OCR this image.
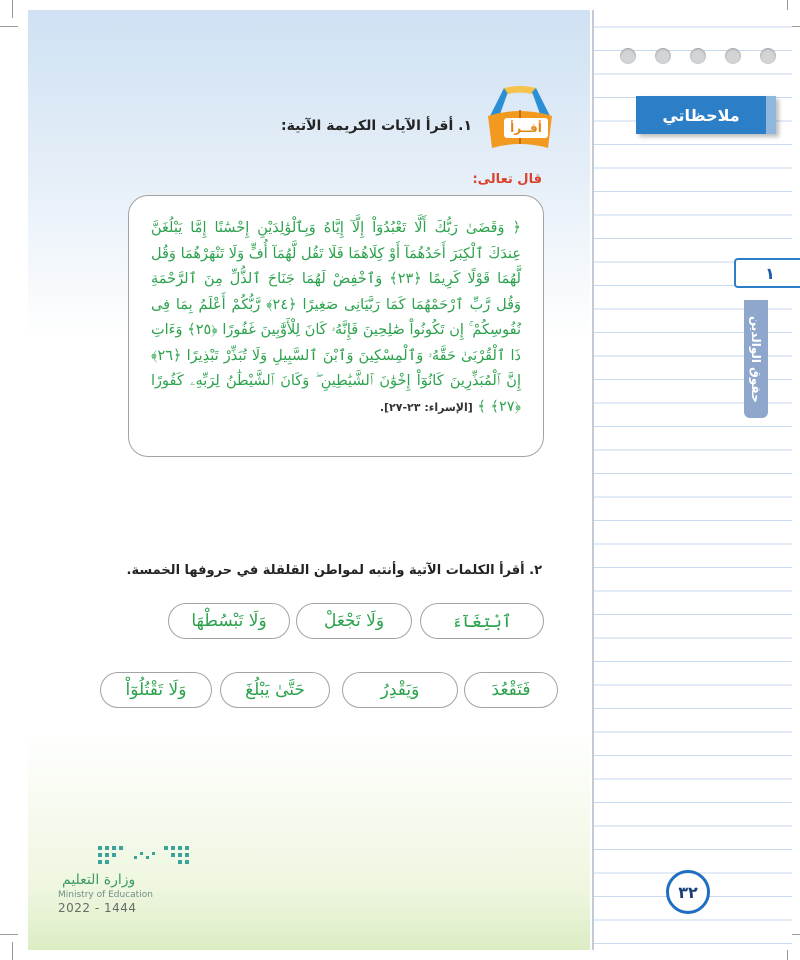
أقــرأ
١. أقرأ الآيات الكريمة الآتية:
قال تعالى:
﴿ وَقَضَىٰ رَبُّكَ أَلَّا تَعْبُدُوٓاْ إِلَّآ إِيَّاهُ وَبِٱلْوَٰلِدَيْنِ إِحْسَٰنًا إِمَّا يَبْلُغَنَّ عِندَكَ ٱلْكِبَرَ أَحَدُهُمَآ أَوْ كِلَاهُمَا فَلَا تَقُل لَّهُمَآ أُفٍّ وَلَا تَنْهَرْهُمَا وَقُل لَّهُمَا قَوْلًا كَرِيمًا ﴿٢٣﴾ وَٱخْفِضْ لَهُمَا جَنَاحَ ٱلذُّلِّ مِنَ ٱلرَّحْمَةِ وَقُل رَّبِّ ٱرْحَمْهُمَا كَمَا رَبَّيَانِى صَغِيرًا ﴿٢٤﴾ رَّبُّكُمْ أَعْلَمُ بِمَا فِى نُفُوسِكُمْ ۚ إِن تَكُونُواْ صَٰلِحِينَ فَإِنَّهُۥ كَانَ لِلْأَوَّٰبِينَ غَفُورًا ﴿٢٥﴾ وَءَاتِ ذَا ٱلْقُرْبَىٰ حَقَّهُۥ وَٱلْمِسْكِينَ وَٱبْنَ ٱلسَّبِيلِ وَلَا تُبَذِّرْ تَبْذِيرًا ﴿٢٦﴾ إِنَّ ٱلْمُبَذِّرِينَ كَانُوٓاْ إِخْوَٰنَ ٱلشَّيَٰطِينِ ۖ وَكَانَ ٱلشَّيْطَٰنُ لِرَبِّهِۦ كَفُورًا ﴿٢٧﴾ ﴾ [الإسراء: ٢٣-٢٧].
٢. أقرأ الكلمات الآتية وأنتبه لمواطن القلقلة في حروفها الخمسة.
ٱبْتِغَآءَ
وَلَا تَجْعَلْ
وَلَا تَبْسُطْهَا
فَتَقْعُدَ
وَيَقْدِرُ
حَتَّىٰ يَبْلُغَ
وَلَا تَقْتُلُوٓاْ
وزارة التعليم
Ministry of Education
2022 - 1444
ملاحظاتي
١
حقوق الوالدين
٣٢
